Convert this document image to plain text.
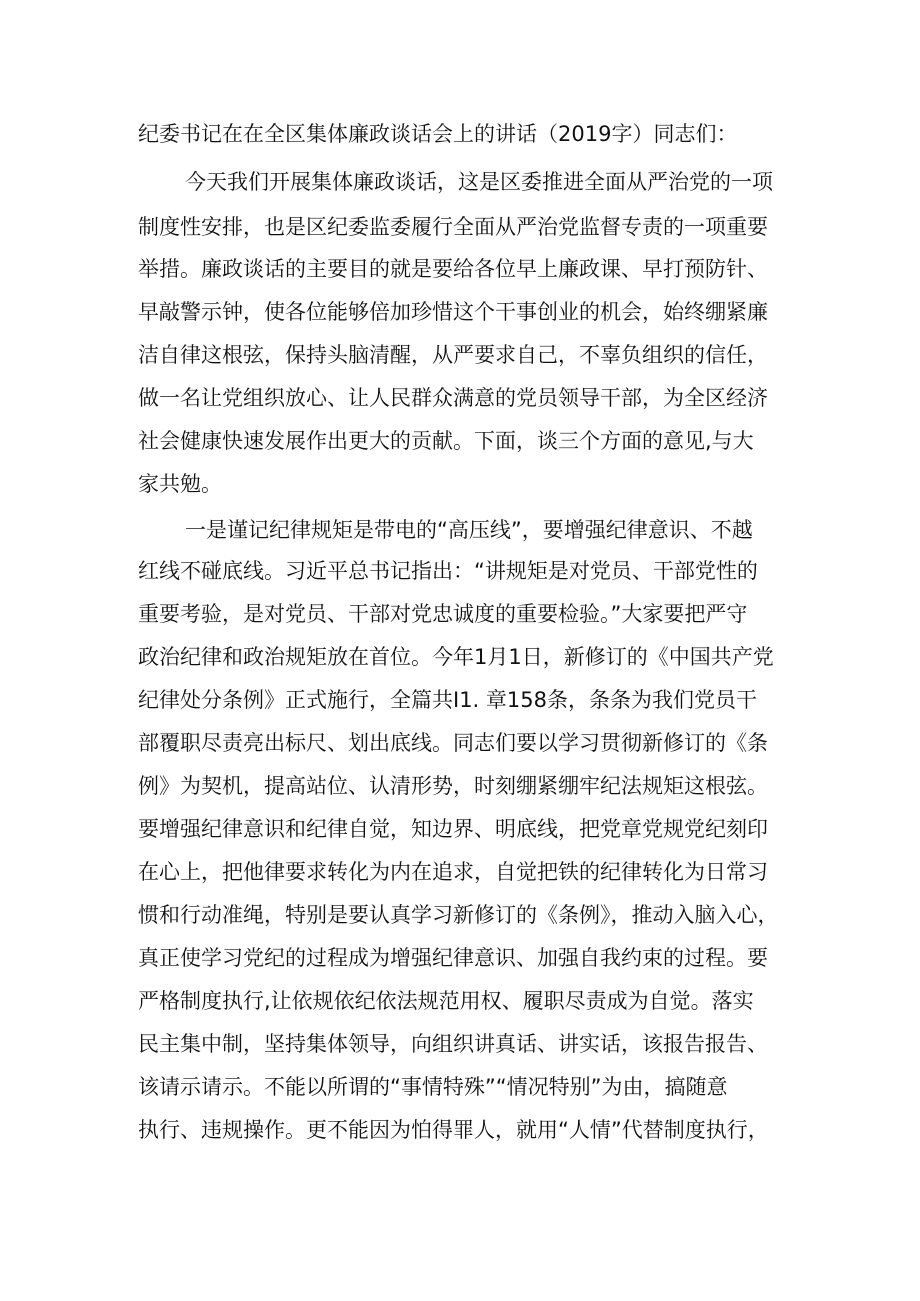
纪委书记在在全区集体廉政谈话会上的讲话（2019字）同志们：
今天我们开展集体廉政谈话，这是区委推进全面从严治党的一项
制度性安排，也是区纪委监委履行全面从严治党监督专责的一项重要
举措。廉政谈话的主要目的就是要给各位早上廉政课、早打预防针、
早敲警示钟，使各位能够倍加珍惜这个干事创业的机会，始终绷紧廉
洁自律这根弦，保持头脑清醒，从严要求自己，不辜负组织的信任，
做一名让党组织放心、让人民群众满意的党员领导干部，为全区经济
社会健康快速发展作出更大的贡献。下面，谈三个方面的意见,与大
家共勉。
一是谨记纪律规矩是带电的“高压线”，要增强纪律意识、不越
红线不碰底线。习近平总书记指出：“讲规矩是对党员、干部党性的
重要考验，是对党员、干部对党忠诚度的重要检验。”大家要把严守
政治纪律和政治规矩放在首位。今年1月1日，新修订的《中国共产党
纪律处分条例》正式施行，全篇共I1. 章158条，条条为我们党员干
部覆职尽责亮出标尺、划出底线。同志们要以学习贯彻新修订的《条
例》为契机，提高站位、认清形势，时刻绷紧绷牢纪法规矩这根弦。
要增强纪律意识和纪律自觉，知边界、明底线，把党章党规党纪刻印
在心上，把他律要求转化为内在追求，自觉把铁的纪律转化为日常习
惯和行动准绳，特别是要认真学习新修订的《条例》，推动入脑入心，
真正使学习党纪的过程成为增强纪律意识、加强自我约束的过程。要
严格制度执行,让依规依纪依法规范用权、履职尽责成为自觉。落实
民主集中制，坚持集体领导，向组织讲真话、讲实话，该报告报告、
该请示请示。不能以所谓的“事情特殊”“情况特别”为由，搞随意
执行、违规操作。更不能因为怕得罪人，就用“人情”代替制度执行，
